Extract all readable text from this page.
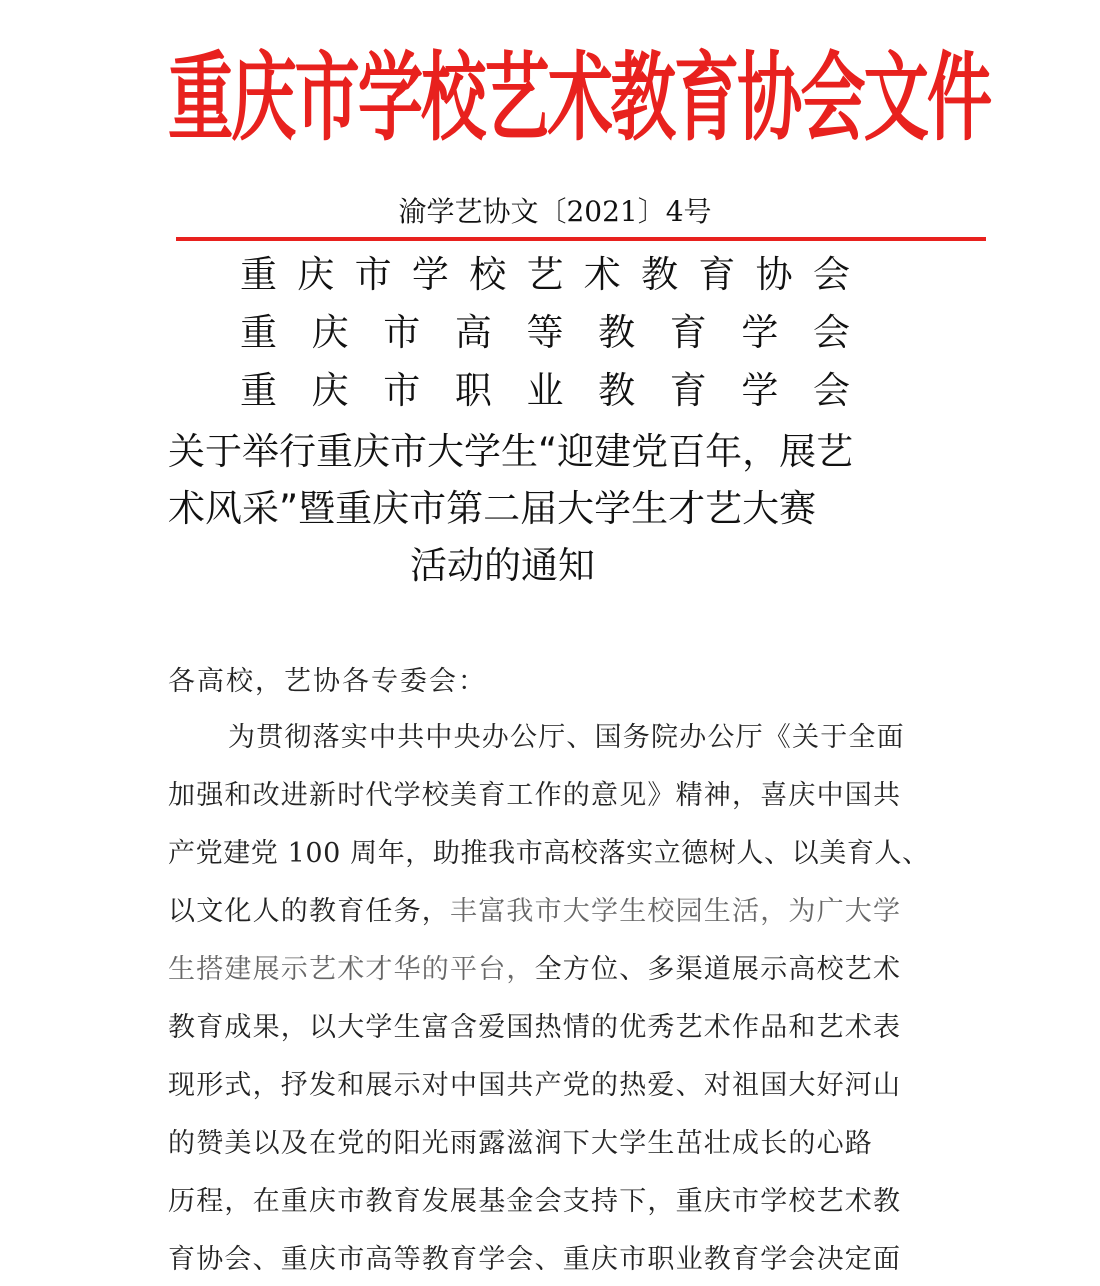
重庆市学校艺术教育协会文件
渝学艺协文〔2021〕4号
重 庆 市 学 校 艺 术 教 育 协 会
重 庆 市 高 等 教 育 学 会
重 庆 市 职 业 教 育 学 会
关于举行重庆市大学生“迎建党百年，展艺
术风采”暨重庆市第二届大学生才艺大赛
活动的通知
各高校，艺协各专委会：
为贯彻落实中共中央办公厅、国务院办公厅《关于全面
加强和改进新时代学校美育工作的意见》精神，喜庆中国共
产党建党 100 周年，助推我市高校落实立德树人、以美育人、
以文化人的教育任务，丰富我市大学生校园生活，为广大学
生搭建展示艺术才华的平台，全方位、多渠道展示高校艺术
教育成果，以大学生富含爱国热情的优秀艺术作品和艺术表
现形式，抒发和展示对中国共产党的热爱、对祖国大好河山
的赞美以及在党的阳光雨露滋润下大学生茁壮成长的心路
历程，在重庆市教育发展基金会支持下，重庆市学校艺术教
育协会、重庆市高等教育学会、重庆市职业教育学会决定面
